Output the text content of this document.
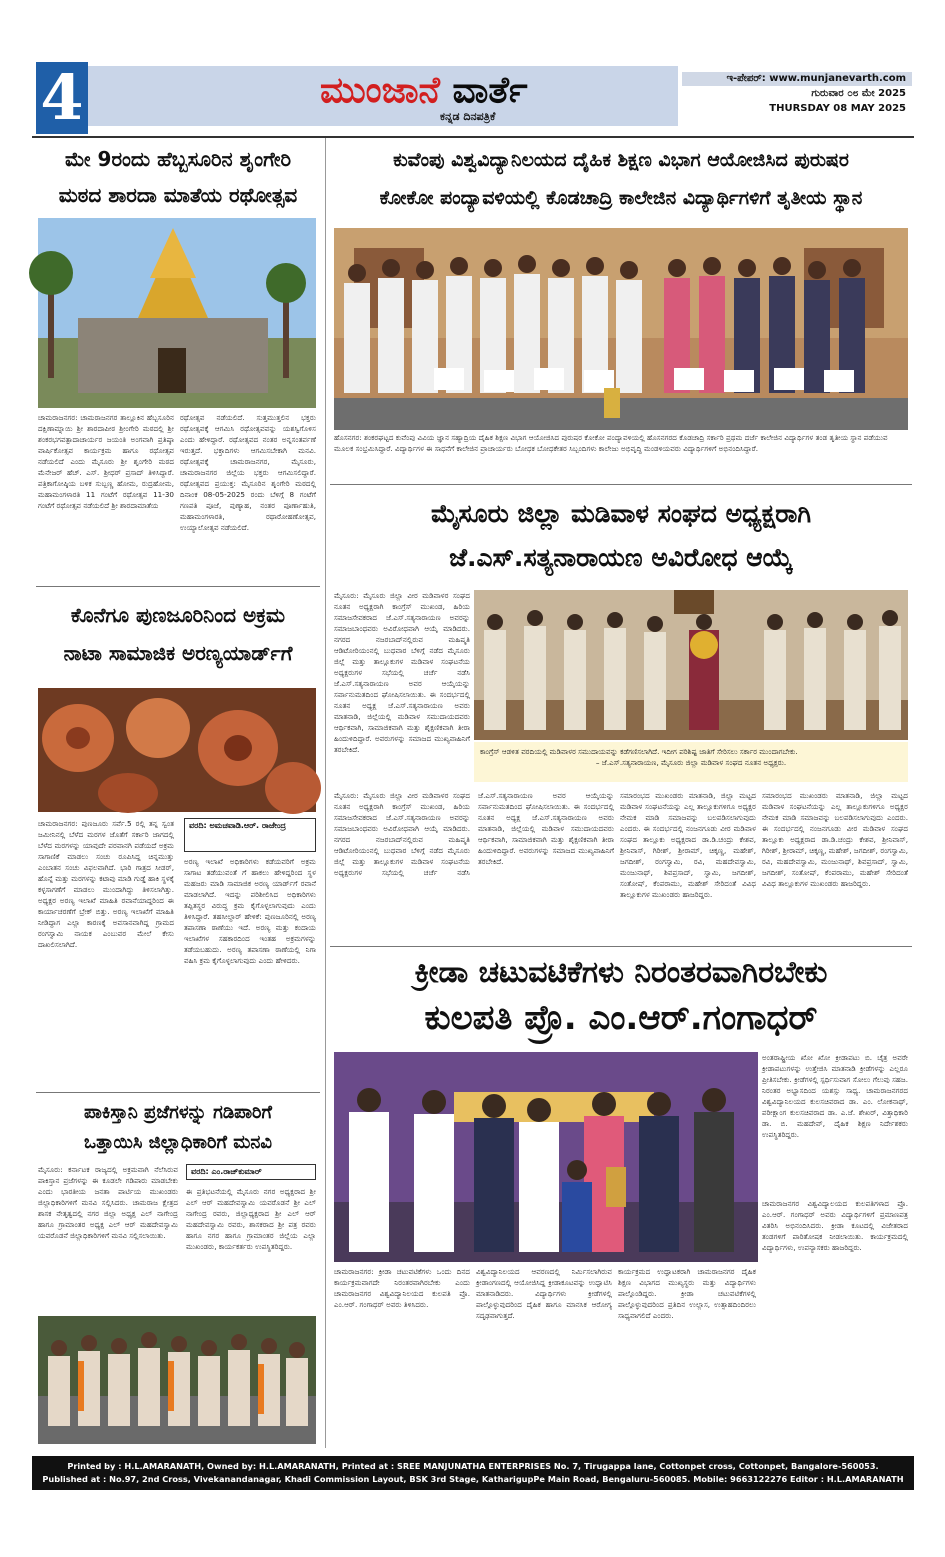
4	ಮುಂಜಾನೆ ವಾರ್ತೆ
ಕನ್ನಡ ದಿನಪತ್ರಿಕೆ
ಇ-ಪೇಪರ್: www.munjanevarth.com
ಗುರುವಾರ ೦೮ ಮೇ 2025
THURSDAY 08 MAY 2025
ಮೇ 9ರಂದು ಹೆಬ್ಬಸೂರಿನ ಶೃಂಗೇರಿ
ಮಠದ ಶಾರದಾ ಮಾತೆಯ ರಥೋತ್ಸವ
ಚಾಮರಾಜನಗರ: ಚಾಮರಾಜನಗರ ತಾಲ್ಲೂಕಿನ ಹೆಬ್ಬಸೂರಿನ ದಕ್ಷಿಣಾಮ್ನಾಯಿ ಶ್ರೀ ಶಾರದಾಪೀಠ ಶ್ರೀಂಗೇರಿ ಮಠದಲ್ಲಿ ಶ್ರೀ ಶಂಕರಭಗವತ್ಪಾದಾಚಾರ್ಯರ ಜಯಂತಿ ಅಂಗವಾಗಿ ಪ್ರತಿಷ್ಠಾ ವಾರ್ಷಿಕೋತ್ಸವ ಕಾರ್ಯಕ್ರಮ ಹಾಗೂ ರಥೋತ್ಸವ ನಡೆಯಲಿದೆ ಎಂದು ಮೈಸೂರು ಶ್ರೀ ಶೃಂಗೇರಿ ಮಠದ ಮೆನೇಜರ್ ಹೆಚ್. ಎಸ್. ಶ್ರೀಧರ್ ಪ್ರಸಾದ್ ತಿಳಿಸಿದ್ದಾರೆ. ಪತ್ರಿಕಾಗೋಷ್ಠಿಯ ಬಳಿಕ ಸುಬ್ಬಣ್ಣ ಹೋಮ, ರುದ್ರಹೋಮ, ಮಹಾಮಂಗಳಾರತಿ 11 ಗಂಟೆಗೆ ರಥೋತ್ಸವ 11-30 ಗಂಟೆಗೆ ರಥೋತ್ಸವ ನಡೆಯಲಿದೆ ಶ್ರೀ ಶಾರದಾಮಾತೆಯ
ರಥೋತ್ಸವ ನಡೆಯಲಿದೆ. ಸುತ್ತಮುತ್ತಲಿನ ಭಕ್ತರು ರಥೋತ್ಸವಕ್ಕೆ ಆಗಮಿಸಿ ರಥೋತ್ಸವವನ್ನು ಯಶಸ್ವಿಗೊಳಿಸ ಎಂದು ಹೇಳಿದ್ದಾರೆ. ರಥೋತ್ಸವದ ನಂತರ ಅನ್ನಸಂತರ್ಪಣೆ ಇರುತ್ತದೆ. ಭಕ್ತಾದಿಗಳು ಆಗಮಿಸಬೇಕಾಗಿ ಮನವಿ. ರಥೋತ್ಸವಕ್ಕೆ ಚಾಮರಾಜನಗರ, ಮೈಸೂರು, ಚಾಮರಾಜನಗರ ಜಿಲ್ಲೆಯ ಭಕ್ತರು ಆಗಮಿಸಲಿದ್ದಾರೆ. ರಥೋತ್ಸವದ ಪ್ರಯುಕ್ತ: ಮೈಸೂರಿನ ಶೃಂಗೇರಿ ಮಠದಲ್ಲಿ ದಿನಾಂಕ 08-05-2025 ರಂದು ಬೆಳಿಗ್ಗೆ 8 ಗಂಟೆಗೆ ಗಣಪತಿ ಪೂಜೆ, ಪುಣ್ಯಾಹ, ನಂತರ ಪೂರ್ಣಾಹುತಿ, ಮಹಾಮಂಗಳಾರತಿ, ರಥಾರೋಹಣೋತ್ಸವ, ಉಯ್ಯಾಲೋತ್ಸವ ನಡೆಯಲಿದೆ.
ಕೊನೆಗೂ ಪುಣಜೂರಿನಿಂದ ಅಕ್ರಮ
ನಾಟಾ ಸಾಮಾಜಿಕ ಅರಣ್ಯಯಾರ್ಡ್‌ಗೆ
ಚಾಮರಾಜನಗರ: ಪುಣಜೂರು ಸರ್ವೆ.5 ರಲ್ಲಿ ತನ್ನ ಸ್ವಂತ ಜಮೀನಿನಲ್ಲಿ ಬೆಳೆದ ಮರಗಳ ಜೊತೆಗೆ ಸರ್ಕಾರಿ ಜಾಗದಲ್ಲಿ ಬೆಳೆದ ಮರಗಳನ್ನು ಯಾವುದೇ ಪರವಾನಗಿ ಪಡೆಯದೆ ಅಕ್ರಮ ಸಾಗಾಣಿಕೆ ಮಾಡಲು ಸಂಚು ರೂಪಿಸಿದ್ದ ಚಿನ್ನಮುತ್ತು ಎಂಬಾತನ ಸಂಚು ವಿಫಲವಾಗಿದೆ. ಭಾರಿ ಗಾತ್ರದ ಸೀಡರ್, ಹೊನ್ನೆ ಮತ್ತು ಮರಗಳನ್ನು ಕಟಾವು ಮಾಡಿ ಗುಡ್ಡೆ ಹಾಕಿ ಸ್ಥಳಕ್ಕೆ ಕಳ್ಳಸಾಗಣೆಗೆ ಮಾಡಲು ಮುಂದಾಗಿದ್ದು ತಿಳಿಸಲಾಗಿತ್ತು. ಅಧ್ಯಕ್ಷರ ಅರಣ್ಯ ಇಲಾಖೆ ಮಾಹಿತಿ ರವಾನೆಯಾದ್ದರಿಂದ ಈ ಕಾರ್ಯಾಚರಣೆಗೆ ಬ್ರೇಕ್ ಬಿತ್ತು. ಅರಣ್ಯ ಇಲಾಖೆಗೆ ಮಾಹಿತಿ ನೀಡಿದ್ದಾಗ ಎಲ್ಲಾ ಕಾರಣಕ್ಕೆ ಅವಸಾನವಾಗಿದ್ದ ಗ್ರಾಮದ ರಂಗಸ್ವಾಮಿ ನಾಯಕ ಎಂಬುವರ ಮೇಲೆ ಕೇಸು ದಾಖಲಿಸಲಾಗಿದೆ.
ವರದಿ: ಅಮಚವಾಡಿ.ಆರ್. ರಾಜೇಂದ್ರ
ಅರಣ್ಯ ಇಲಾಖೆ ಅಧಿಕಾರಿಗಳು ಕಡೆಯವರಿಗೆ ಅಕ್ರಮ ಸಾಗಾಟ ತಡೆಯುವಂತೆ ಗೆ ಹಾಕಲು ಹೇಳಿದ್ದರಿಂದ ಸ್ಥಳ ಮಹಜರು ಮಾಡಿ ಸಾಮಾಜಿಕ ಅರಣ್ಯ ಯಾರ್ಡ್‌ಗೆ ರವಾನೆ ಮಾಡಲಾಗಿದೆ. ಇದನ್ನು ಪರಿಶೀಲಿಸಿದ ಅಧಿಕಾರಿಗಳು ತಪ್ಪಿತಸ್ಥರ ವಿರುದ್ಧ ಕ್ರಮ ಕೈಗೊಳ್ಳಲಾಗುವುದು ಎಂದು ತಿಳಿಸಿದ್ದಾರೆ. ತಹಸೀಲ್ದಾರ್ ಹೇಳಿಕೆ: ಪುಣಜೂರಿನಲ್ಲಿ ಅರಣ್ಯ ತಪಾಸಣಾ ಠಾಣೆಯು ಇದೆ. ಅರಣ್ಯ ಮತ್ತು ಕಂದಾಯ ಇಲಾಖೆಗಳ ಸಹಕಾರದಿಂದ ಇಂತಹ ಅಕ್ರಮಗಳನ್ನು ತಡೆಯಬಹುದು. ಅರಣ್ಯ ತಪಾಸಣಾ ಠಾಣೆಯಲ್ಲಿ ನಿಗಾ ವಹಿಸಿ ಕ್ರಮ ಕೈಗೊಳ್ಳಲಾಗುವುದು ಎಂದು ಹೇಳಿದರು.
ಪಾಕಿಸ್ತಾನಿ ಪ್ರಜೆಗಳನ್ನು ಗಡಿಪಾರಿಗೆ
ಒತ್ತಾಯಿಸಿ ಜಿಲ್ಲಾಧಿಕಾರಿಗೆ ಮನವಿ
ಮೈಸೂರು: ಕರ್ನಾಟಕ ರಾಜ್ಯದಲ್ಲಿ ಅಕ್ರಮವಾಗಿ ನೆಲೆಸಿರುವ ಪಾಕಿಸ್ತಾನ ಪ್ರಜೆಗಳನ್ನು ಈ ಕೂಡಲೇ ಗಡಿಪಾರು ಮಾಡಬೇಕು ಎಂದು ಭಾರತೀಯ ಜನತಾ ಪಾರ್ಟಿಯ ಮುಖಂಡರು ಜಿಲ್ಲಾಧಿಕಾರಿಗಳಿಗೆ ಮನವಿ ಸಲ್ಲಿಸಿದರು. ಚಾಮರಾಜ ಕ್ಷೇತ್ರದ ಶಾಸಕ ನೇತೃತ್ವದಲ್ಲಿ ನಗರ ಜಿಲ್ಲಾ ಅಧ್ಯಕ್ಷ ಎಲ್ ನಾಗೇಂದ್ರ ಹಾಗೂ ಗ್ರಾಮಾಂತರ ಅಧ್ಯಕ್ಷ ಎಲ್ ಆರ್ ಮಹದೇವಸ್ವಾಮಿ ಯವರೊಡನೆ ಜಿಲ್ಲಾಧಿಕಾರಿಗಳಿಗೆ ಮನವಿ ಸಲ್ಲಿಸಲಾಯಿತು.
ವರದಿ: ಎಂ.ರಾಜ್‌ಕುಮಾರ್
ಈ ಪ್ರತಿಭಟನೆಯಲ್ಲಿ ಮೈಸೂರು ನಗರ ಅಧ್ಯಕ್ಷರಾದ ಶ್ರೀ ಎಲ್ ಆರ್ ಮಹದೇವಸ್ವಾಮಿ ಯವರೊಡನೆ ಶ್ರೀ ಎಲ್ ನಾಗೇಂದ್ರ ರವರು, ಜಿಲ್ಲಾಧ್ಯಕ್ಷರಾದ ಶ್ರೀ ಎಲ್ ಆರ್ ಮಹದೇವಸ್ವಾಮಿ ರವರು, ಶಾಸಕರಾದ ಶ್ರೀ ಪತ್ರ ರವರು ಹಾಗೂ ನಗರ ಹಾಗೂ ಗ್ರಾಮಾಂತರ ಜಿಲ್ಲೆಯ ಎಲ್ಲಾ ಮುಖಂಡರು, ಕಾರ್ಯಕರ್ತರು ಉಪಸ್ಥಿತರಿದ್ದರು.
ಕುವೆಂಪು ವಿಶ್ವವಿದ್ಯಾನಿಲಯದ ದೈಹಿಕ ಶಿಕ್ಷಣ ವಿಭಾಗ ಆಯೋಜಿಸಿದ ಪುರುಷರ
ಕೋಕೋ ಪಂದ್ಯಾವಳಿಯಲ್ಲಿ ಕೊಡಚಾದ್ರಿ ಕಾಲೇಜಿನ ವಿದ್ಯಾರ್ಥಿಗಳಿಗೆ ತೃತೀಯ ಸ್ಥಾನ
ಹೊಸನಗರ: ಶಂಕರಘಟ್ಟದ ಕುವೆಂಪು ವಿವಿಯ ಜ್ಞಾನ ಸಹ್ಯಾದ್ರಿಯ ದೈಹಿಕ ಶಿಕ್ಷಣ ವಿಭಾಗ ಆಯೋಜಿಸಿದ ಪುರುಷರ ಕೋಕೋ ಪಂದ್ಯಾವಳಿಯಲ್ಲಿ ಹೊಸನಗರದ ಕೊಡಚಾದ್ರಿ ಸರ್ಕಾರಿ ಪ್ರಥಮ ದರ್ಜೆ ಕಾಲೇಜಿನ ವಿದ್ಯಾರ್ಥಿಗಳ ತಂಡ ತೃತೀಯ ಸ್ಥಾನ ಪಡೆಯುವ ಮೂಲಕ ಸಂಭ್ರಮಿಸಿದ್ದಾರೆ. ವಿದ್ಯಾರ್ಥಿಗಳ ಈ ಸಾಧನೆಗೆ ಕಾಲೇಜಿನ ಪ್ರಾಚಾರ್ಯರು ಬೋಧಕ ಬೋಧಕೇತರ ಸಿಬ್ಬಂದಿಗಳು ಕಾಲೇಜು ಅಭಿವೃದ್ಧಿ ಮಂಡಳಿಯವರು ವಿದ್ಯಾರ್ಥಿಗಳಿಗೆ ಅಭಿನಂದಿಸಿದ್ದಾರೆ.
ಮೈಸೂರು ಜಿಲ್ಲಾ ಮಡಿವಾಳ ಸಂಘದ ಅಧ್ಯಕ್ಷರಾಗಿ
ಜೆ.ಎಸ್.ಸತ್ಯನಾರಾಯಣ ಅವಿರೋಧ ಆಯ್ಕೆ
ಮೈಸೂರು: ಮೈಸೂರು ಜಿಲ್ಲಾ ವೀರ ಮಡಿವಾಳರ ಸಂಘದ ನೂತನ ಅಧ್ಯಕ್ಷರಾಗಿ ಕಾಂಗ್ರೆಸ್ ಮುಖಂಡ, ಹಿರಿಯ ಸಮಾಜಸೇವಕರಾದ ಜೆ.ಎಸ್.ಸತ್ಯನಾರಾಯಣ ಅವರನ್ನು ಸಮಾಜಬಾಂಧವರು ಅವಿರೋಧವಾಗಿ ಆಯ್ಕೆ ಮಾಡಿದರು. ನಗರದ ನಜರಬಾದ್‌ನಲ್ಲಿರುವ ಮಹಿಷ್ಮತಿ ಆಡಿಟೋರಿಯಂನಲ್ಲಿ ಬುಧವಾರ ಬೆಳಿಗ್ಗೆ ನಡೆದ ಮೈಸೂರು ಜಿಲ್ಲೆ ಮತ್ತು ತಾಲ್ಲೂಕುಗಳ ಮಡಿವಾಳ ಸಂಘಟನೆಯ ಅಧ್ಯಕ್ಷರುಗಳ ಸಭೆಯಲ್ಲಿ ಚರ್ಚೆ ನಡೆಸಿ ಜೆ.ಎಸ್.ಸತ್ಯನಾರಾಯಣ ಅವರ ಆಯ್ಕೆಯನ್ನು ಸರ್ವಾನುಮತದಿಂದ ಘೋಷಿಸಲಾಯಿತು. ಈ ಸಂದರ್ಭದಲ್ಲಿ ನೂತನ ಅಧ್ಯಕ್ಷ ಜೆ.ಎಸ್.ಸತ್ಯನಾರಾಯಣ ಅವರು ಮಾತನಾಡಿ, ಜಿಲ್ಲೆಯಲ್ಲಿ ಮಡಿವಾಳ ಸಮುದಾಯದವರು ಆರ್ಥಿಕವಾಗಿ, ಸಾಮಾಜಿಕವಾಗಿ ಮತ್ತು ಶೈಕ್ಷಣಿಕವಾಗಿ ತೀರಾ ಹಿಂದುಳಿದಿದ್ದಾರೆ. ಅವರುಗಳನ್ನು ಸಮಾಜದ ಮುಖ್ಯವಾಹಿನಿಗೆ ತರಬೇಕಿದೆ.	ಕಾಂಗ್ರೆಸ್ ಆಡಳಿತ ವರದಿಯಲ್ಲಿ ಮಡಿವಾಳರ ಸಮುದಾಯವನ್ನು ಕಡೆಗಣಿಸಲಾಗಿದೆ. ಇದೀಗ ಪರಿಶಿಷ್ಟ ಜಾತಿಗೆ ಸೇರಿಸಲು ಸರ್ಕಾರ ಮುಂದಾಗಬೇಕು.
– ಜೆ.ಎಸ್.ಸತ್ಯನಾರಾಯಣ, ಮೈಸೂರು ಜಿಲ್ಲಾ ಮಡಿವಾಳ ಸಂಘದ ನೂತನ ಅಧ್ಯಕ್ಷರು.
ಮೈಸೂರು: ಮೈಸೂರು ಜಿಲ್ಲಾ ವೀರ ಮಡಿವಾಳರ ಸಂಘದ ನೂತನ ಅಧ್ಯಕ್ಷರಾಗಿ ಕಾಂಗ್ರೆಸ್ ಮುಖಂಡ, ಹಿರಿಯ ಸಮಾಜಸೇವಕರಾದ ಜೆ.ಎಸ್.ಸತ್ಯನಾರಾಯಣ ಅವರನ್ನು ಸಮಾಜಬಾಂಧವರು ಅವಿರೋಧವಾಗಿ ಆಯ್ಕೆ ಮಾಡಿದರು. ನಗರದ ನಜರಬಾದ್‌ನಲ್ಲಿರುವ ಮಹಿಷ್ಮತಿ ಆಡಿಟೋರಿಯಂನಲ್ಲಿ ಬುಧವಾರ ಬೆಳಿಗ್ಗೆ ನಡೆದ ಮೈಸೂರು ಜಿಲ್ಲೆ ಮತ್ತು ತಾಲ್ಲೂಕುಗಳ ಮಡಿವಾಳ ಸಂಘಟನೆಯ ಅಧ್ಯಕ್ಷರುಗಳ ಸಭೆಯಲ್ಲಿ ಚರ್ಚೆ ನಡೆಸಿ ಜೆ.ಎಸ್.ಸತ್ಯನಾರಾಯಣ ಅವರ ಆಯ್ಕೆಯನ್ನು ಸರ್ವಾನುಮತದಿಂದ ಘೋಷಿಸಲಾಯಿತು. ಈ ಸಂದರ್ಭದಲ್ಲಿ ನೂತನ ಅಧ್ಯಕ್ಷ ಜೆ.ಎಸ್.ಸತ್ಯನಾರಾಯಣ ಅವರು ಮಾತನಾಡಿ, ಜಿಲ್ಲೆಯಲ್ಲಿ ಮಡಿವಾಳ ಸಮುದಾಯದವರು ಆರ್ಥಿಕವಾಗಿ, ಸಾಮಾಜಿಕವಾಗಿ ಮತ್ತು ಶೈಕ್ಷಣಿಕವಾಗಿ ತೀರಾ ಹಿಂದುಳಿದಿದ್ದಾರೆ. ಅವರುಗಳನ್ನು ಸಮಾಜದ ಮುಖ್ಯವಾಹಿನಿಗೆ ತರಬೇಕಿದೆ.
ಸಮಾರಂಭದ ಮುಖಂಡರು ಮಾತನಾಡಿ, ಜಿಲ್ಲಾ ಮಟ್ಟದ ಮಡಿವಾಳ ಸಂಘಟನೆಯನ್ನು ಎಲ್ಲ ತಾಲ್ಲೂಕುಗಳಿಗೂ ಅಧ್ಯಕ್ಷರ ನೇಮಕ ಮಾಡಿ ಸಮಾಜವನ್ನು ಬಲಪಡಿಸಲಾಗುವುದು ಎಂದರು. ಈ ಸಂದರ್ಭದಲ್ಲಿ ನಂಜನಗೂಡು ವೀರ ಮಡಿವಾಳ ಸಂಘದ ತಾಲ್ಲೂಕು ಅಧ್ಯಕ್ಷರಾದ ಡಾ.ಡಿ.ಚಂದ್ರು ಕೇಶವ, ಶ್ರೀನಿವಾಸ್, ಗಿರೀಶ್, ಶ್ರೀರಾಮ್, ಚಿಕ್ಕಣ್ಣ, ಮಹೇಶ್, ಜಗದೀಶ್, ರಂಗಸ್ವಾಮಿ, ರವಿ, ಮಹದೇವಸ್ವಾಮಿ, ಮಂಜುನಾಥ್, ಶಿವಪ್ರಸಾದ್, ಸ್ವಾಮಿ, ಜಗದೀಶ್, ಸಂತೋಷ್, ಕೆಂಪರಾಮು, ಮಹೇಶ್ ಸೇರಿದಂತೆ ವಿವಿಧ ತಾಲ್ಲೂಕುಗಳ ಮುಖಂಡರು ಹಾಜರಿದ್ದರು.
ಸಮಾರಂಭದ ಮುಖಂಡರು ಮಾತನಾಡಿ, ಜಿಲ್ಲಾ ಮಟ್ಟದ ಮಡಿವಾಳ ಸಂಘಟನೆಯನ್ನು ಎಲ್ಲ ತಾಲ್ಲೂಕುಗಳಿಗೂ ಅಧ್ಯಕ್ಷರ ನೇಮಕ ಮಾಡಿ ಸಮಾಜವನ್ನು ಬಲಪಡಿಸಲಾಗುವುದು ಎಂದರು. ಈ ಸಂದರ್ಭದಲ್ಲಿ ನಂಜನಗೂಡು ವೀರ ಮಡಿವಾಳ ಸಂಘದ ತಾಲ್ಲೂಕು ಅಧ್ಯಕ್ಷರಾದ ಡಾ.ಡಿ.ಚಂದ್ರು ಕೇಶವ, ಶ್ರೀನಿವಾಸ್, ಗಿರೀಶ್, ಶ್ರೀರಾಮ್, ಚಿಕ್ಕಣ್ಣ, ಮಹೇಶ್, ಜಗದೀಶ್, ರಂಗಸ್ವಾಮಿ, ರವಿ, ಮಹದೇವಸ್ವಾಮಿ, ಮಂಜುನಾಥ್, ಶಿವಪ್ರಸಾದ್, ಸ್ವಾಮಿ, ಜಗದೀಶ್, ಸಂತೋಷ್, ಕೆಂಪರಾಮು, ಮಹೇಶ್ ಸೇರಿದಂತೆ ವಿವಿಧ ತಾಲ್ಲೂಕುಗಳ ಮುಖಂಡರು ಹಾಜರಿದ್ದರು.
ಕ್ರೀಡಾ ಚಟುವಟಿಕೆಗಳು ನಿರಂತರವಾಗಿರಬೇಕು
ಕುಲಪತಿ ಪ್ರೊ. ಎಂ.ಆರ್.ಗಂಗಾಧರ್
ಅಂತರಾಷ್ಟ್ರೀಯ ಖೋ ಖೋ ಕ್ರೀಡಾಪಟು ಬಿ. ಚೈತ್ರ ಅವರೇ ಕ್ರೀಡಾಪಟುಗಳನ್ನು ಉತ್ತೇಜಿಸಿ ಮಾತನಾಡಿ ಕ್ರೀಡೆಗಳನ್ನು ಎಲ್ಲರೂ ಪ್ರೀತಿಸಬೇಕು. ಕ್ರೀಡೆಗಳಲ್ಲಿ ಸ್ಪರ್ಧಿಸುವಾಗ ಸೋಲು ಗೆಲುವು ಸಹಜ. ನಿರಂತರ ಅಭ್ಯಾಸದಿಂದ ಯಶಸ್ಸು ಸಾಧ್ಯ. ಚಾಮರಾಜನಗರದ ವಿಶ್ವವಿದ್ಯಾನಿಲಯದ ಕುಲಸಚಿವರಾದ ಡಾ. ಎಂ. ಲೋಕನಾಥ್, ಪರೀಕ್ಷಾಂಗ ಕುಲಸಚಿವರಾದ ಡಾ. ಎ.ಜೆ. ಶೇಖರ್, ವಿತ್ತಾಧಿಕಾರಿ ಡಾ. ಬಿ. ಮಹದೇವ್, ದೈಹಿಕ ಶಿಕ್ಷಣ ನಿರ್ದೇಶಕರು ಉಪಸ್ಥಿತರಿದ್ದರು.
ಚಾಮರಾಜನಗರ ವಿಶ್ವವಿದ್ಯಾಲಯದ ಕುಲಪತಿಗಳಾದ ಪ್ರೊ. ಎಂ.ಆರ್. ಗಂಗಾಧರ್ ಅವರು ವಿದ್ಯಾರ್ಥಿಗಳಿಗೆ ಪ್ರಮಾಣಪತ್ರ ವಿತರಿಸಿ ಅಭಿನಂದಿಸಿದರು. ಕ್ರೀಡಾ ಕೂಟದಲ್ಲಿ ವಿಜೇತರಾದ ತಂಡಗಳಿಗೆ ಪಾರಿತೋಷಕ ನೀಡಲಾಯಿತು. ಕಾರ್ಯಕ್ರಮದಲ್ಲಿ ವಿದ್ಯಾರ್ಥಿಗಳು, ಉಪನ್ಯಾಸಕರು ಹಾಜರಿದ್ದರು.
ಚಾಮರಾಜನಗರ: ಕ್ರೀಡಾ ಚಟುವಟಿಕೆಗಳು ಒಂದು ದಿನದ ಕಾರ್ಯಕ್ರಮವಾಗದೇ ನಿರಂತರವಾಗಿರಬೇಕು ಎಂದು ಚಾಮರಾಜನಗರ ವಿಶ್ವವಿದ್ಯಾನಿಲಯದ ಕುಲಪತಿ ಪ್ರೊ. ಎಂ.ಆರ್. ಗಂಗಾಧರ್ ಅವರು ತಿಳಿಸಿದರು.
ವಿಶ್ವವಿದ್ಯಾನಿಲಯದ ಆವರಣದಲ್ಲಿ ನಿರ್ಮಿಸಲಾಗಿರುವ ಕ್ರೀಡಾಂಗಣದಲ್ಲಿ ಆಯೋಜಿಸಿದ್ದ ಕ್ರೀಡಾಕೂಟವನ್ನು ಉದ್ಘಾಟಿಸಿ ಮಾತನಾಡಿದರು. ವಿದ್ಯಾರ್ಥಿಗಳು ಕ್ರೀಡೆಗಳಲ್ಲಿ ಪಾಲ್ಗೊಳ್ಳುವುದರಿಂದ ದೈಹಿಕ ಹಾಗೂ ಮಾನಸಿಕ ಆರೋಗ್ಯ ಸದೃಢವಾಗುತ್ತದೆ.
ಕಾರ್ಯಕ್ರಮದ ಉದ್ಘಾಟಕರಾಗಿ ಚಾಮರಾಜನಗರ ದೈಹಿಕ ಶಿಕ್ಷಣ ವಿಭಾಗದ ಮುಖ್ಯಸ್ಥರು ಮತ್ತು ವಿದ್ಯಾರ್ಥಿಗಳು ಪಾಲ್ಗೊಂಡಿದ್ದರು. ಕ್ರೀಡಾ ಚಟುವಟಿಕೆಗಳಲ್ಲಿ ಪಾಲ್ಗೊಳ್ಳುವುದರಿಂದ ಪ್ರತಿದಿನ ಉಲ್ಲಾಸ, ಉತ್ಸಾಹದಿಂದಿರಲು ಸಾಧ್ಯವಾಗಲಿದೆ ಎಂದರು.
Printed by : H.L.AMARANATH, Owned by: H.L.AMARANATH, Printed at : SREE MANJUNATHA ENTERPRISES No. 7, Tirugappa lane, Cottonpet cross, Cottonpet, Bangalore-560053.
Published at : No.97, 2nd Cross, Vivekanandanagar, Khadi Commission Layout, BSK 3rd Stage, KatharigupPe Main Road, Bengaluru-560085. Mobile: 9663122276 Editor : H.L.AMARANATH
